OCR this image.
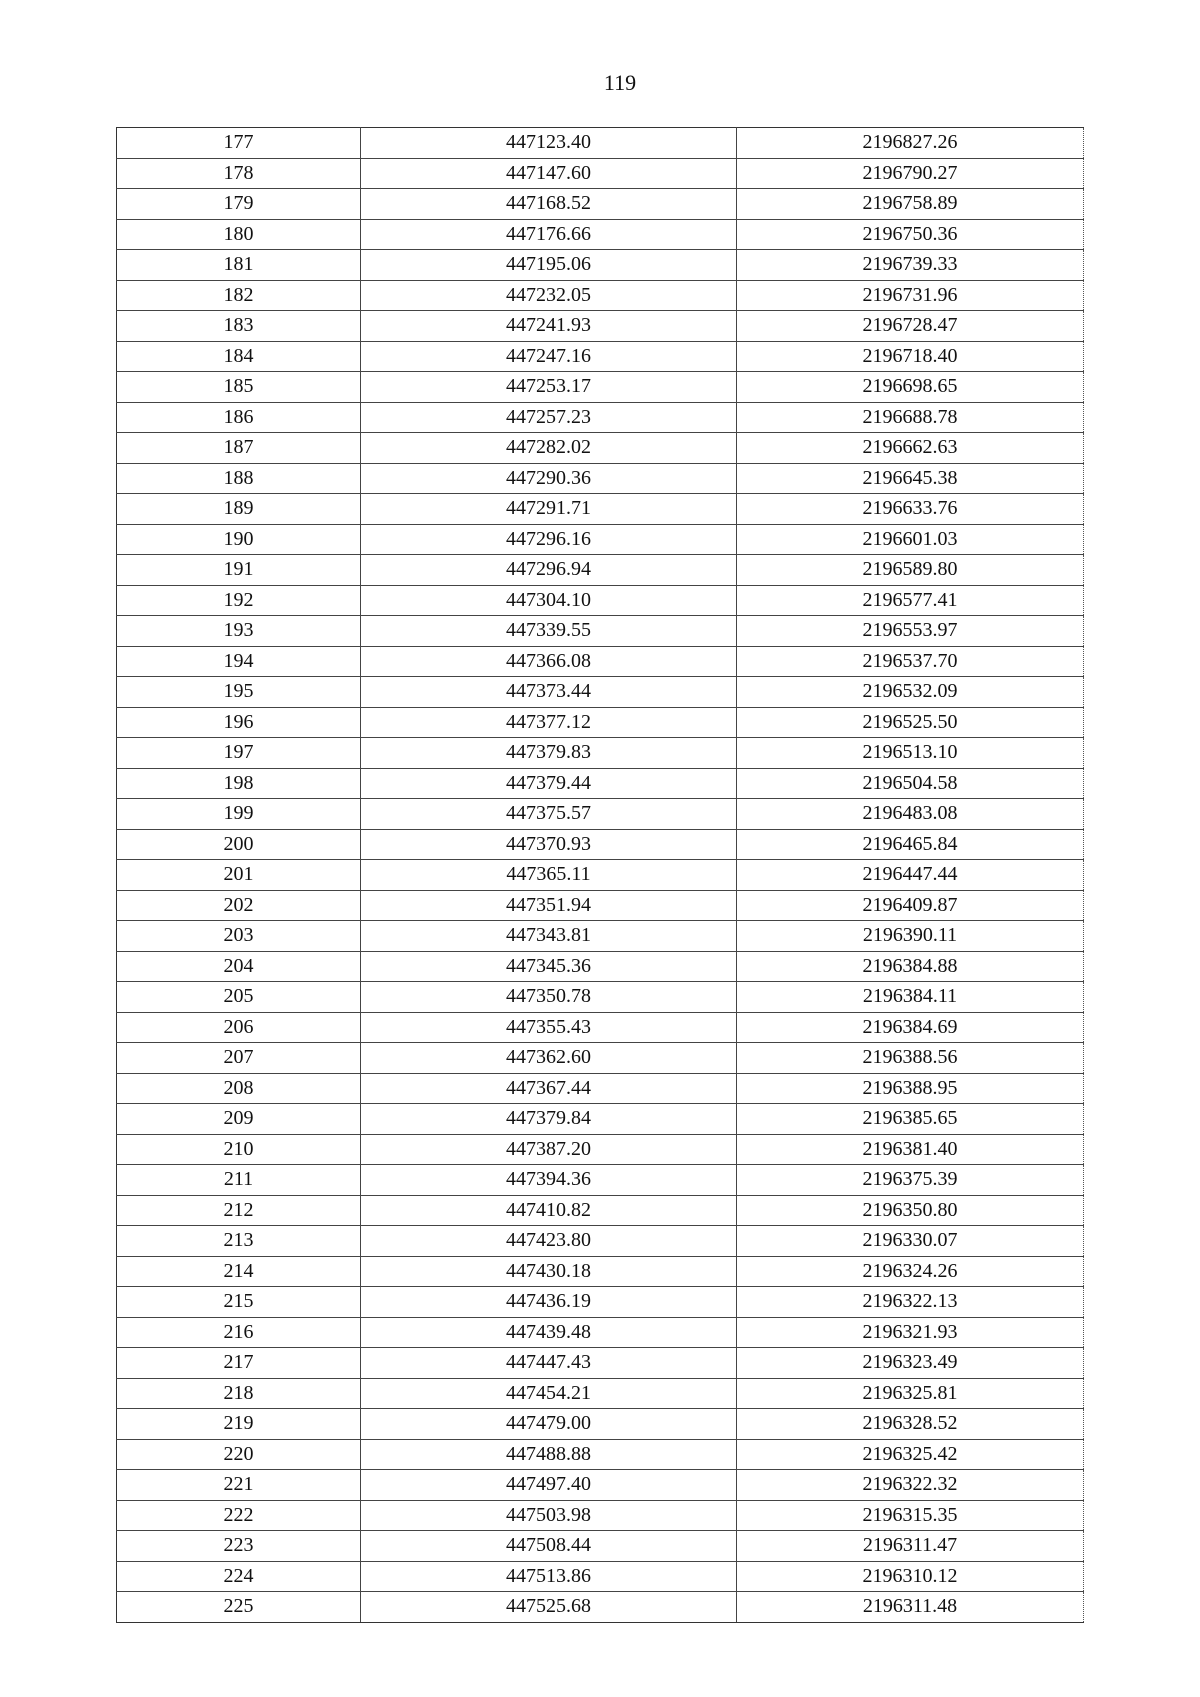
119
177	447123.40	2196827.26
178	447147.60	2196790.27
179	447168.52	2196758.89
180	447176.66	2196750.36
181	447195.06	2196739.33
182	447232.05	2196731.96
183	447241.93	2196728.47
184	447247.16	2196718.40
185	447253.17	2196698.65
186	447257.23	2196688.78
187	447282.02	2196662.63
188	447290.36	2196645.38
189	447291.71	2196633.76
190	447296.16	2196601.03
191	447296.94	2196589.80
192	447304.10	2196577.41
193	447339.55	2196553.97
194	447366.08	2196537.70
195	447373.44	2196532.09
196	447377.12	2196525.50
197	447379.83	2196513.10
198	447379.44	2196504.58
199	447375.57	2196483.08
200	447370.93	2196465.84
201	447365.11	2196447.44
202	447351.94	2196409.87
203	447343.81	2196390.11
204	447345.36	2196384.88
205	447350.78	2196384.11
206	447355.43	2196384.69
207	447362.60	2196388.56
208	447367.44	2196388.95
209	447379.84	2196385.65
210	447387.20	2196381.40
211	447394.36	2196375.39
212	447410.82	2196350.80
213	447423.80	2196330.07
214	447430.18	2196324.26
215	447436.19	2196322.13
216	447439.48	2196321.93
217	447447.43	2196323.49
218	447454.21	2196325.81
219	447479.00	2196328.52
220	447488.88	2196325.42
221	447497.40	2196322.32
222	447503.98	2196315.35
223	447508.44	2196311.47
224	447513.86	2196310.12
225	447525.68	2196311.48
